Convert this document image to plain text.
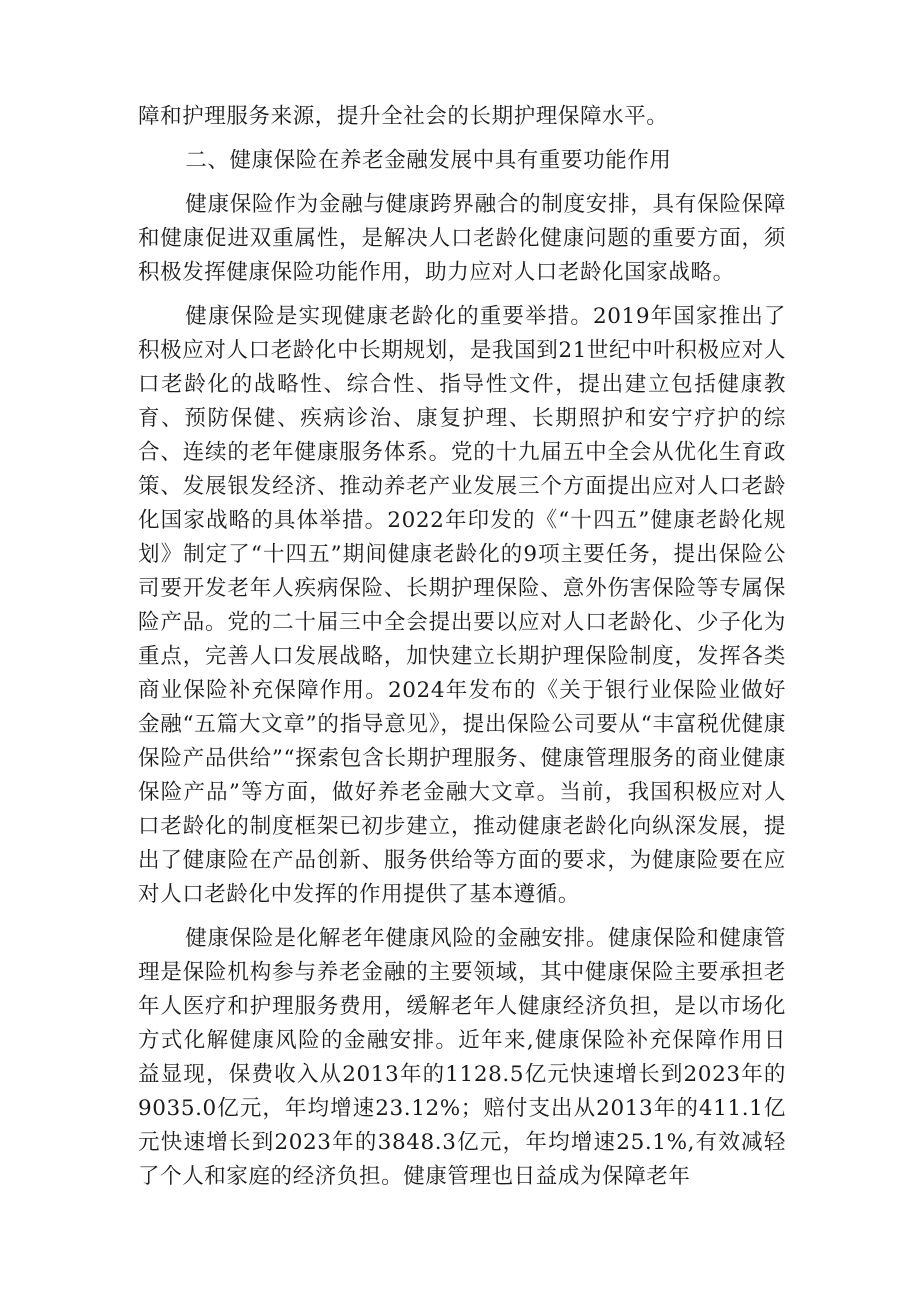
障和护理服务来源，提升全社会的长期护理保障水平。

二、健康保险在养老金融发展中具有重要功能作用

健康保险作为金融与健康跨界融合的制度安排，具有保险保障和健康促进双重属性，是解决人口老龄化健康问题的重要方面，须积极发挥健康保险功能作用，助力应对人口老龄化国家战略。

健康保险是实现健康老龄化的重要举措。2019年国家推出了积极应对人口老龄化中长期规划，是我国到21世纪中叶积极应对人口老龄化的战略性、综合性、指导性文件，提出建立包括健康教育、预防保健、疾病诊治、康复护理、长期照护和安宁疗护的综合、连续的老年健康服务体系。党的十九届五中全会从优化生育政策、发展银发经济、推动养老产业发展三个方面提出应对人口老龄化国家战略的具体举措。2022年印发的《“十四五”健康老龄化规划》制定了“十四五”期间健康老龄化的9项主要任务，提出保险公司要开发老年人疾病保险、长期护理保险、意外伤害保险等专属保险产品。党的二十届三中全会提出要以应对人口老龄化、少子化为重点，完善人口发展战略，加快建立长期护理保险制度，发挥各类商业保险补充保障作用。2024年发布的《关于银行业保险业做好金融“五篇大文章”的指导意见》，提出保险公司要从“丰富税优健康保险产品供给”“探索包含长期护理服务、健康管理服务的商业健康保险产品”等方面，做好养老金融大文章。当前，我国积极应对人口老龄化的制度框架已初步建立，推动健康老龄化向纵深发展，提出了健康险在产品创新、服务供给等方面的要求，为健康险要在应对人口老龄化中发挥的作用提供了基本遵循。

健康保险是化解老年健康风险的金融安排。健康保险和健康管理是保险机构参与养老金融的主要领域，其中健康保险主要承担老年人医疗和护理服务费用，缓解老年人健康经济负担，是以市场化方式化解健康风险的金融安排。近年来,健康保险补充保障作用日益显现，保费收入从2013年的1128.5亿元快速增长到2023年的9035.0亿元，年均增速23.12%；赔付支出从2013年的411.1亿元快速增长到2023年的3848.3亿元，年均增速25.1%,有效减轻了个人和家庭的经济负担。健康管理也日益成为保障老年
